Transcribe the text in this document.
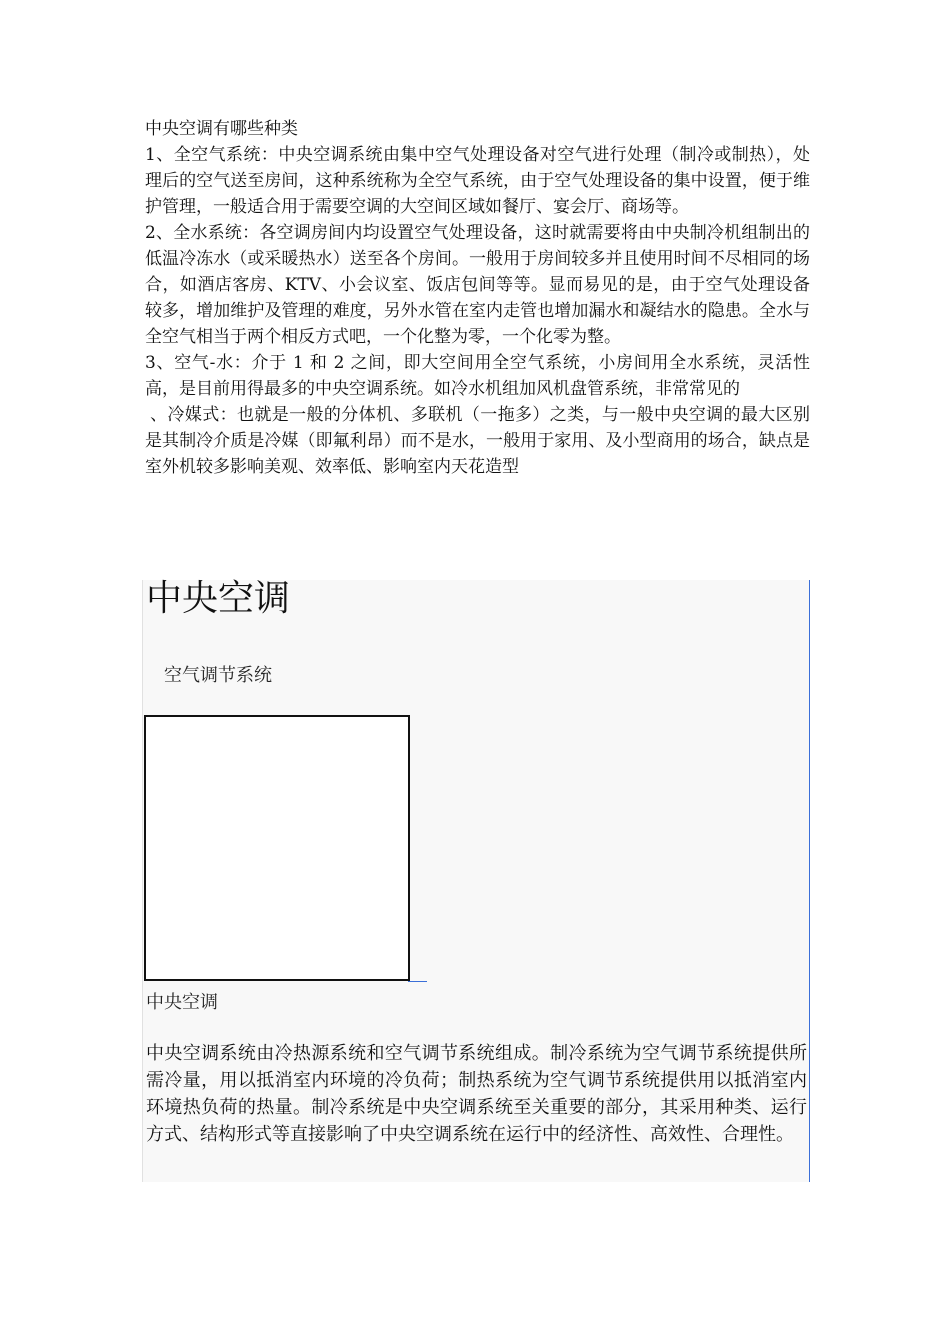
中央空调有哪些种类

1、全空气系统：中央空调系统由集中空气处理设备对空气进行处理（制冷或制热），处理后的空气送至房间，这种系统称为全空气系统，由于空气处理设备的集中设置，便于维护管理，一般适合用于需要空调的大空间区域如餐厅、宴会厅、商场等。

2、全水系统：各空调房间内均设置空气处理设备，这时就需要将由中央制冷机组制出的低温冷冻水（或采暖热水）送至各个房间。一般用于房间较多并且使用时间不尽相同的场合，如酒店客房、KTV、小会议室、饭店包间等等。显而易见的是，由于空气处理设备较多，增加维护及管理的难度，另外水管在室内走管也增加漏水和凝结水的隐患。全水与全空气相当于两个相反方式吧，一个化整为零，一个化零为整。

3、空气-水：介于 1 和 2 之间，即大空间用全空气系统，小房间用全水系统，灵活性高，是目前用得最多的中央空调系统。如冷水机组加风机盘管系统，非常常见的

、冷媒式：也就是一般的分体机、多联机（一拖多）之类，与一般中央空调的最大区别是其制冷介质是冷媒（即氟利昂）而不是水，一般用于家用、及小型商用的场合，缺点是室外机较多影响美观、效率低、影响室内天花造型

中央空调
空气调节系统
中央空调
中央空调系统由冷热源系统和空气调节系统组成。制冷系统为空气调节系统提供所需冷量，用以抵消室内环境的冷负荷；制热系统为空气调节系统提供用以抵消室内环境热负荷的热量。制冷系统是中央空调系统至关重要的部分，其采用种类、运行方式、结构形式等直接影响了中央空调系统在运行中的经济性、高效性、合理性。
